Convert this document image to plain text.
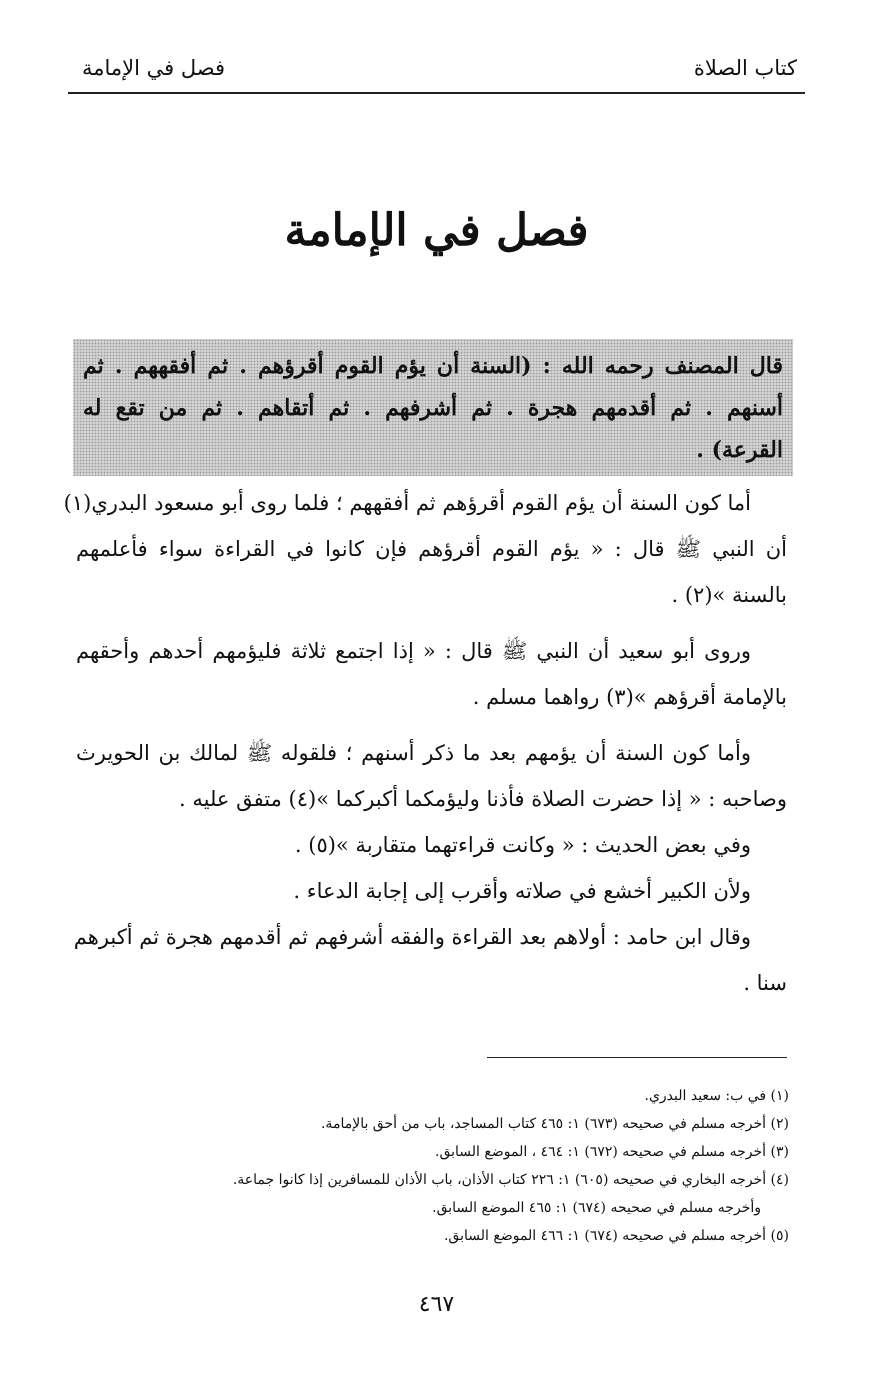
كتاب الصلاة
فصل في الإمامة
فصل في الإمامة
قال المصنف رحمه الله : (السنة أن يؤم القوم أقرؤهم . ثم أفقههم . ثم
أسنهم . ثم أقدمهم هجرة . ثم أشرفهم . ثم أتقاهم . ثم من تقع له
القرعة) .
أما كون السنة أن يؤم القوم أقرؤهم ثم أفقههم ؛ فلما روى أبو مسعود البدري(١)
أن النبي ﷺ قال : « يؤم القوم أقرؤهم فإن كانوا في القراءة سواء فأعلمهم
بالسنة »(٢) .
وروى أبو سعيد أن النبي ﷺ قال : « إذا اجتمع ثلاثة فليؤمهم أحدهم وأحقهم
بالإمامة أقرؤهم »(٣) رواهما مسلم .
وأما كون السنة أن يؤمهم بعد ما ذكر أسنهم ؛ فلقوله ﷺ لمالك بن الحويرث
وصاحبه : « إذا حضرت الصلاة فأذنا وليؤمكما أكبركما »(٤) متفق عليه .
وفي بعض الحديث : « وكانت قراءتهما متقاربة »(٥) .
ولأن الكبير أخشع في صلاته وأقرب إلى إجابة الدعاء .
وقال ابن حامد : أولاهم بعد القراءة والفقه أشرفهم ثم أقدمهم هجرة ثم أكبرهم
سنا .
(١) في ب: سعيد البدري.
(٢) أخرجه مسلم في صحيحه (٦٧٣) ١: ٤٦٥ كتاب المساجد، باب من أحق بالإمامة.
(٣) أخرجه مسلم في صحيحه (٦٧٢) ١: ٤٦٤ ، الموضع السابق.
(٤) أخرجه البخاري في صحيحه (٦٠٥) ١: ٢٢٦ كتاب الأذان، باب الأذان للمسافرين إذا كانوا جماعة.
وأخرجه مسلم في صحيحه (٦٧٤) ١: ٤٦٥ الموضع السابق.
(٥) أخرجه مسلم في صحيحه (٦٧٤) ١: ٤٦٦ الموضع السابق.
٤٦٧
